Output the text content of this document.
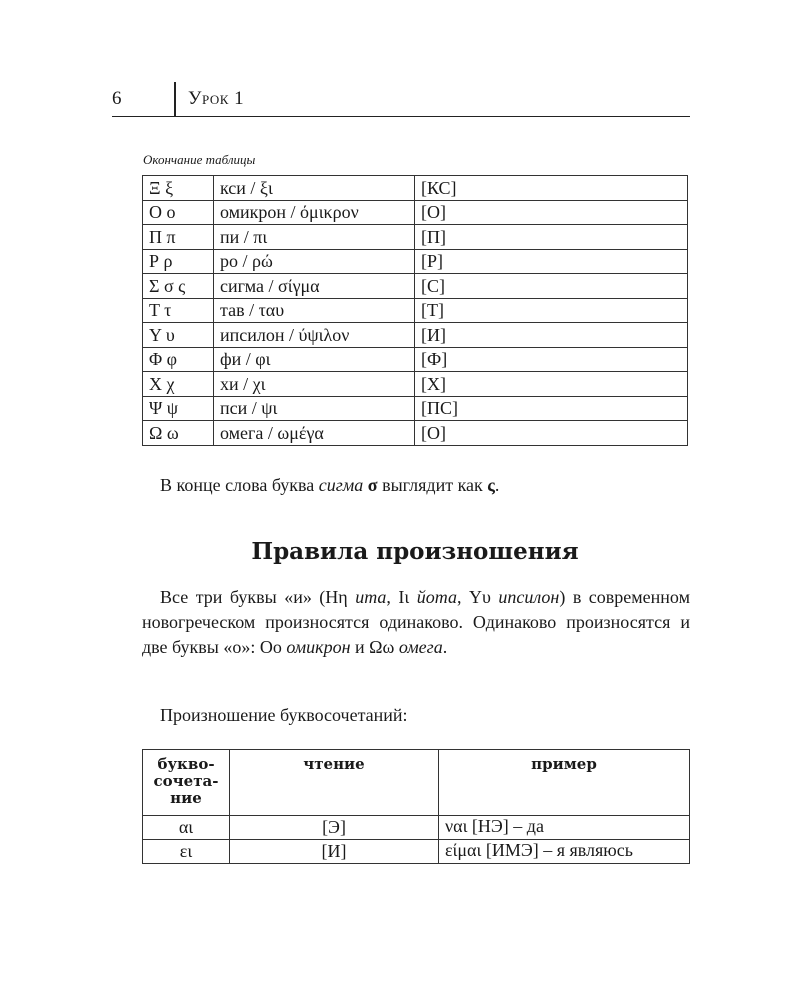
6	Урок 1
Окончание таблицы
Ξ ξ	кси / ξι	[КС]
Ο ο	омикрон / όμικρον	[О]
Π π	пи / πι	[П]
Ρ ρ	ро / ρώ	[Р]
Σ σ ς	сигма / σίγμα	[С]
Τ τ	тав / ταυ	[Т]
Υ υ	ипсилон / ύψιλον	[И]
Φ φ	фи / φι	[Ф]
Χ χ	хи / χι	[Х]
Ψ ψ	пси / ψι	[ПС]
Ω ω	омега / ωμέγα	[О]
В конце слова буква сигма σ выглядит как ς.
Правила произношения
Все три буквы «и» (Ηη ита, Ιι йота, Υυ ипсилон) в современном новогреческом произносятся одинаково. Одинаково произносятся и две буквы «о»: Οο омикрон и Ωω омега.
Произношение буквосочетаний:
букво-
сочета-
ние	чтение	пример
αι	[Э]	ναι [НЭ] – да
ει	[И]	είμαι [ИМЭ] – я являюсь
